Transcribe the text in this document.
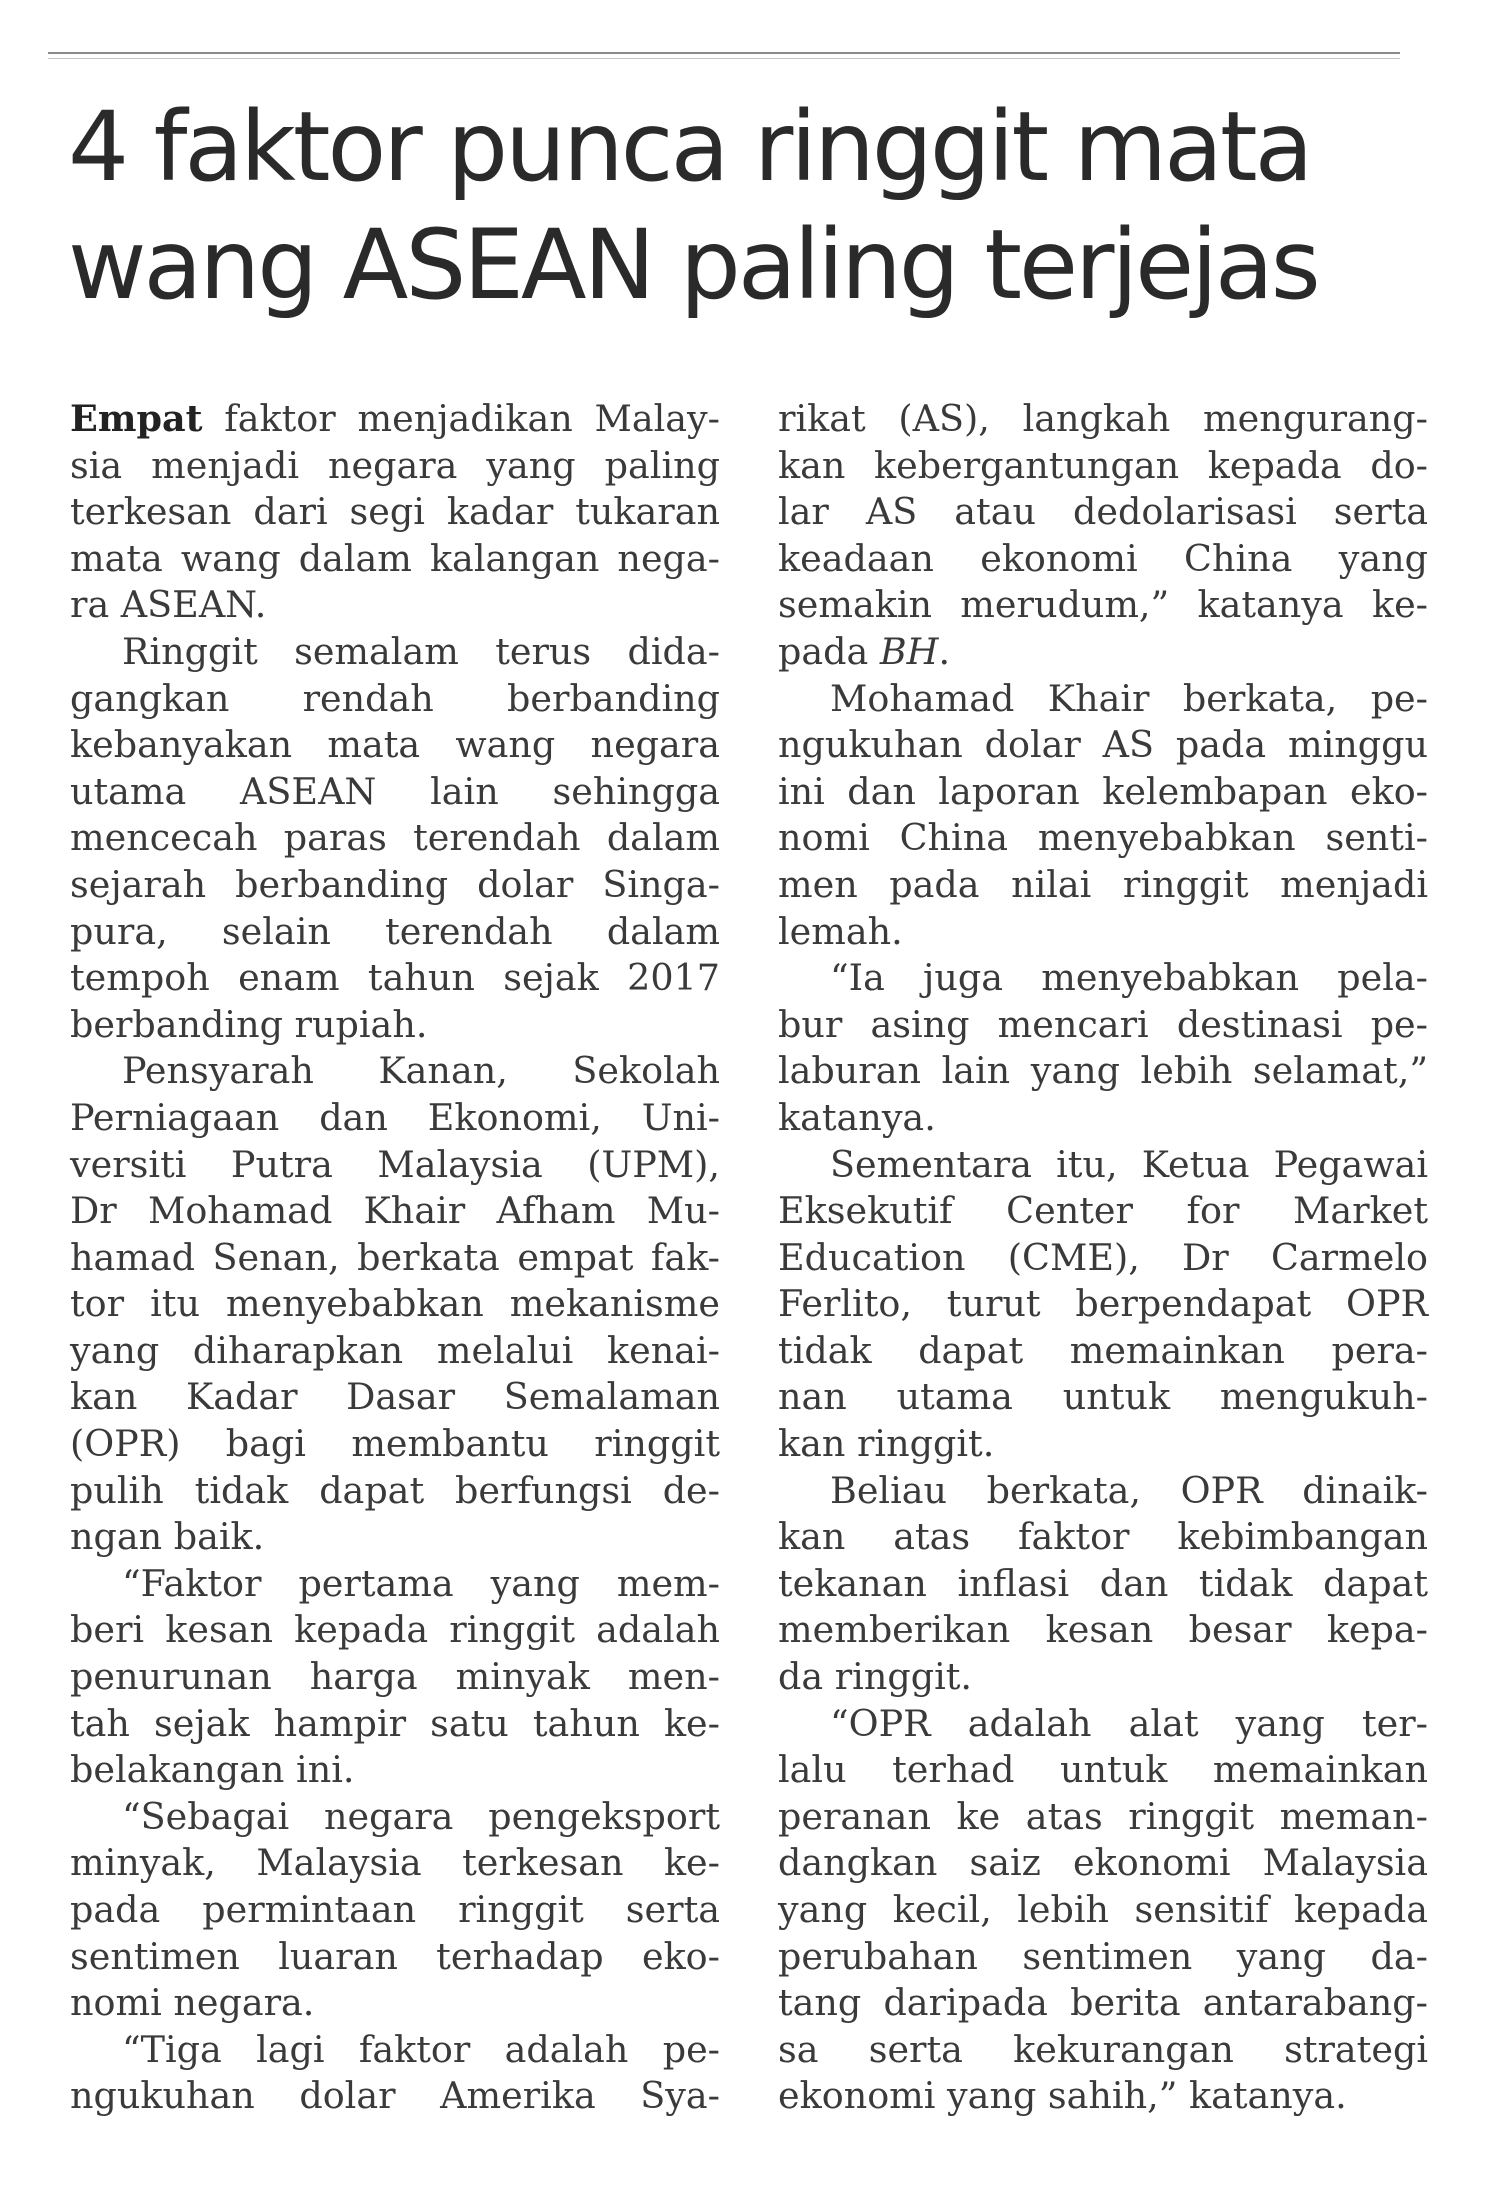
4 faktor punca ringgit mata
wang ASEAN paling terjejas
Empat faktor menjadikan Malay-
sia menjadi negara yang paling
terkesan dari segi kadar tukaran
mata wang dalam kalangan nega-
ra ASEAN.
Ringgit semalam terus dida-
gangkan rendah berbanding
kebanyakan mata wang negara
utama ASEAN lain sehingga
mencecah paras terendah dalam
sejarah berbanding dolar Singa-
pura, selain terendah dalam
tempoh enam tahun sejak 2017
berbanding rupiah.
Pensyarah Kanan, Sekolah
Perniagaan dan Ekonomi, Uni-
versiti Putra Malaysia (UPM),
Dr Mohamad Khair Afham Mu-
hamad Senan, berkata empat fak-
tor itu menyebabkan mekanisme
yang diharapkan melalui kenai-
kan Kadar Dasar Semalaman
(OPR) bagi membantu ringgit
pulih tidak dapat berfungsi de-
ngan baik.
“Faktor pertama yang mem-
beri kesan kepada ringgit adalah
penurunan harga minyak men-
tah sejak hampir satu tahun ke-
belakangan ini.
“Sebagai negara pengeksport
minyak, Malaysia terkesan ke-
pada permintaan ringgit serta
sentimen luaran terhadap eko-
nomi negara.
“Tiga lagi faktor adalah pe-
ngukuhan dolar Amerika Sya-
rikat (AS), langkah mengurang-
kan kebergantungan kepada do-
lar AS atau dedolarisasi serta
keadaan ekonomi China yang
semakin merudum,” katanya ke-
pada BH.
Mohamad Khair berkata, pe-
ngukuhan dolar AS pada minggu
ini dan laporan kelembapan eko-
nomi China menyebabkan senti-
men pada nilai ringgit menjadi
lemah.
“Ia juga menyebabkan pela-
bur asing mencari destinasi pe-
laburan lain yang lebih selamat,”
katanya.
Sementara itu, Ketua Pegawai
Eksekutif Center for Market
Education (CME), Dr Carmelo
Ferlito, turut berpendapat OPR
tidak dapat memainkan pera-
nan utama untuk mengukuh-
kan ringgit.
Beliau berkata, OPR dinaik-
kan atas faktor kebimbangan
tekanan inflasi dan tidak dapat
memberikan kesan besar kepa-
da ringgit.
“OPR adalah alat yang ter-
lalu terhad untuk memainkan
peranan ke atas ringgit meman-
dangkan saiz ekonomi Malaysia
yang kecil, lebih sensitif kepada
perubahan sentimen yang da-
tang daripada berita antarabang-
sa serta kekurangan strategi
ekonomi yang sahih,” katanya.
